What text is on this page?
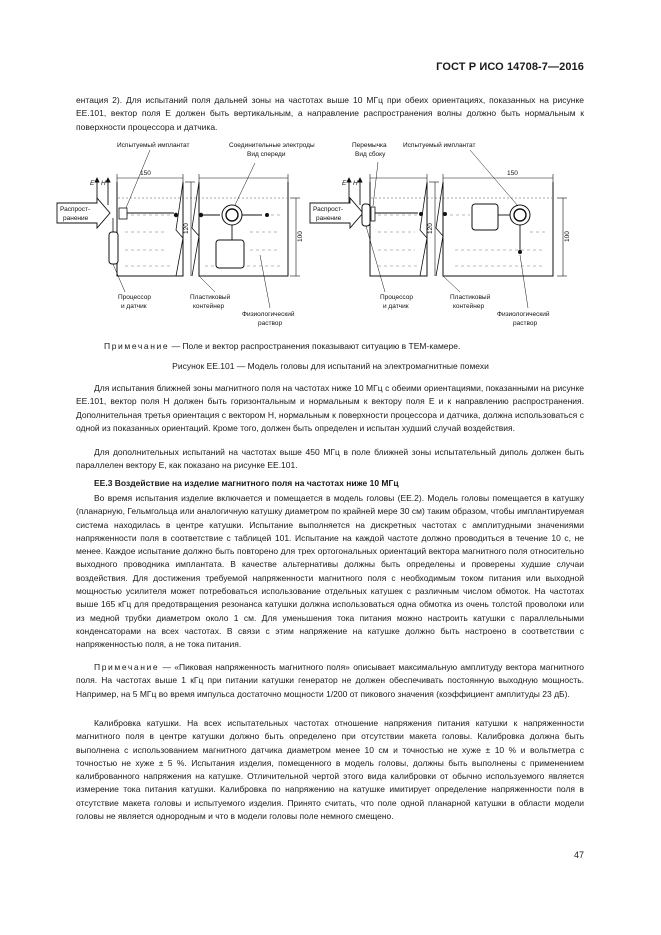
ГОСТ Р ИСО 14708-7—2016

ентация 2). Для испытаний поля дальней зоны на частотах выше 10 МГц при обеих ориентациях, показанных на рисунке EE.101, вектор поля E должен быть вертикальным, а направление распространения волны должно быть нормальным к поверхности процессора и датчика.

E H
Распрост-
ранение
150
120
100
Испытуемый имплантат	Соединительные электроды
Вид спереди
Процессор
и датчик
Пластиковый
контейнер
Физиологический
раствор
E H
Распрост-
ранение
150
120
100
Перемычка
Вид сбоку
Испытуемый имплантат
Процессор
и датчик
Пластиковый
контейнер
Физиологический
раствор
Примечание — Поле и вектор распространения показывают ситуацию в ТЕМ-камере.
Рисунок EE.101 — Модель головы для испытаний на электромагнитные помехи

Для испытания ближней зоны магнитного поля на частотах ниже 10 МГц с обеими ориентациями, показанными на рисунке EE.101, вектор поля H должен быть горизонтальным и нормальным к вектору поля E и к направлению распространения. Дополнительная третья ориентация с вектором H, нормальным к поверхности процессора и датчика, должна использоваться с одной из показанных ориентаций. Кроме того, должен быть определен и испытан худший случай воздействия.

Для дополнительных испытаний на частотах выше 450 МГц в поле ближней зоны испытательный диполь должен быть параллелен вектору E, как показано на рисунке EE.101.

EE.3 Воздействие на изделие магнитного поля на частотах ниже 10 МГц

Во время испытания изделие включается и помещается в модель головы (EE.2). Модель головы помещается в катушку (планарную, Гельмгольца или аналогичную катушку диаметром по крайней мере 30 см) таким образом, чтобы имплантируемая система находилась в центре катушки. Испытание выполняется на дискретных частотах с амплитудными значениями напряженности поля в соответствие с таблицей 101. Испытание на каждой частоте должно проводиться в течение 10 с, не менее. Каждое испытание должно быть повторено для трех ортогональных ориентаций вектора магнитного поля относительно выходного проводника имплантата. В качестве альтернативы должны быть определены и проверены худшие случаи воздействия. Для достижения требуемой напряженности магнитного поля с необходимым током питания или выходной мощностью усилителя может потребоваться использование отдельных катушек с различным числом обмоток. На частотах выше 165 кГц для предотвращения резонанса катушки должна использоваться одна обмотка из очень толстой проволоки или из медной трубки диаметром около 1 см. Для уменьшения тока питания можно настроить катушки с параллельными конденсаторами на всех частотах. В связи с этим напряжение на катушке должно быть настроено в соответствии с напряженностью поля, а не тока питания.

Примечание — «Пиковая напряженность магнитного поля» описывает максимальную амплитуду вектора магнитного поля. На частотах выше 1 кГц при питании катушки генератор не должен обеспечивать постоянную выходную мощность. Например, на 5 МГц во время импульса достаточно мощности 1/200 от пикового значения (коэффициент амплитуды 23 дБ).

Калибровка катушки. На всех испытательных частотах отношение напряжения питания катушки к напряженности магнитного поля в центре катушки должно быть определено при отсутствии макета головы. Калибровка должна быть выполнена с использованием магнитного датчика диаметром менее 10 см и точностью не хуже ± 10 % и вольтметра с точностью не хуже ± 5 %. Испытания изделия, помещенного в модель головы, должны быть выполнены с применением калиброванного напряжения на катушке. Отличительной чертой этого вида калибровки от обычно используемого является измерение тока питания катушки. Калибровка по напряжению на катушке имитирует определение напряженности поля в отсутствие макета головы и испытуемого изделия. Принято считать, что поле одной планарной катушки в области модели головы не является однородным и что в модели головы поле немного смещено.

47
